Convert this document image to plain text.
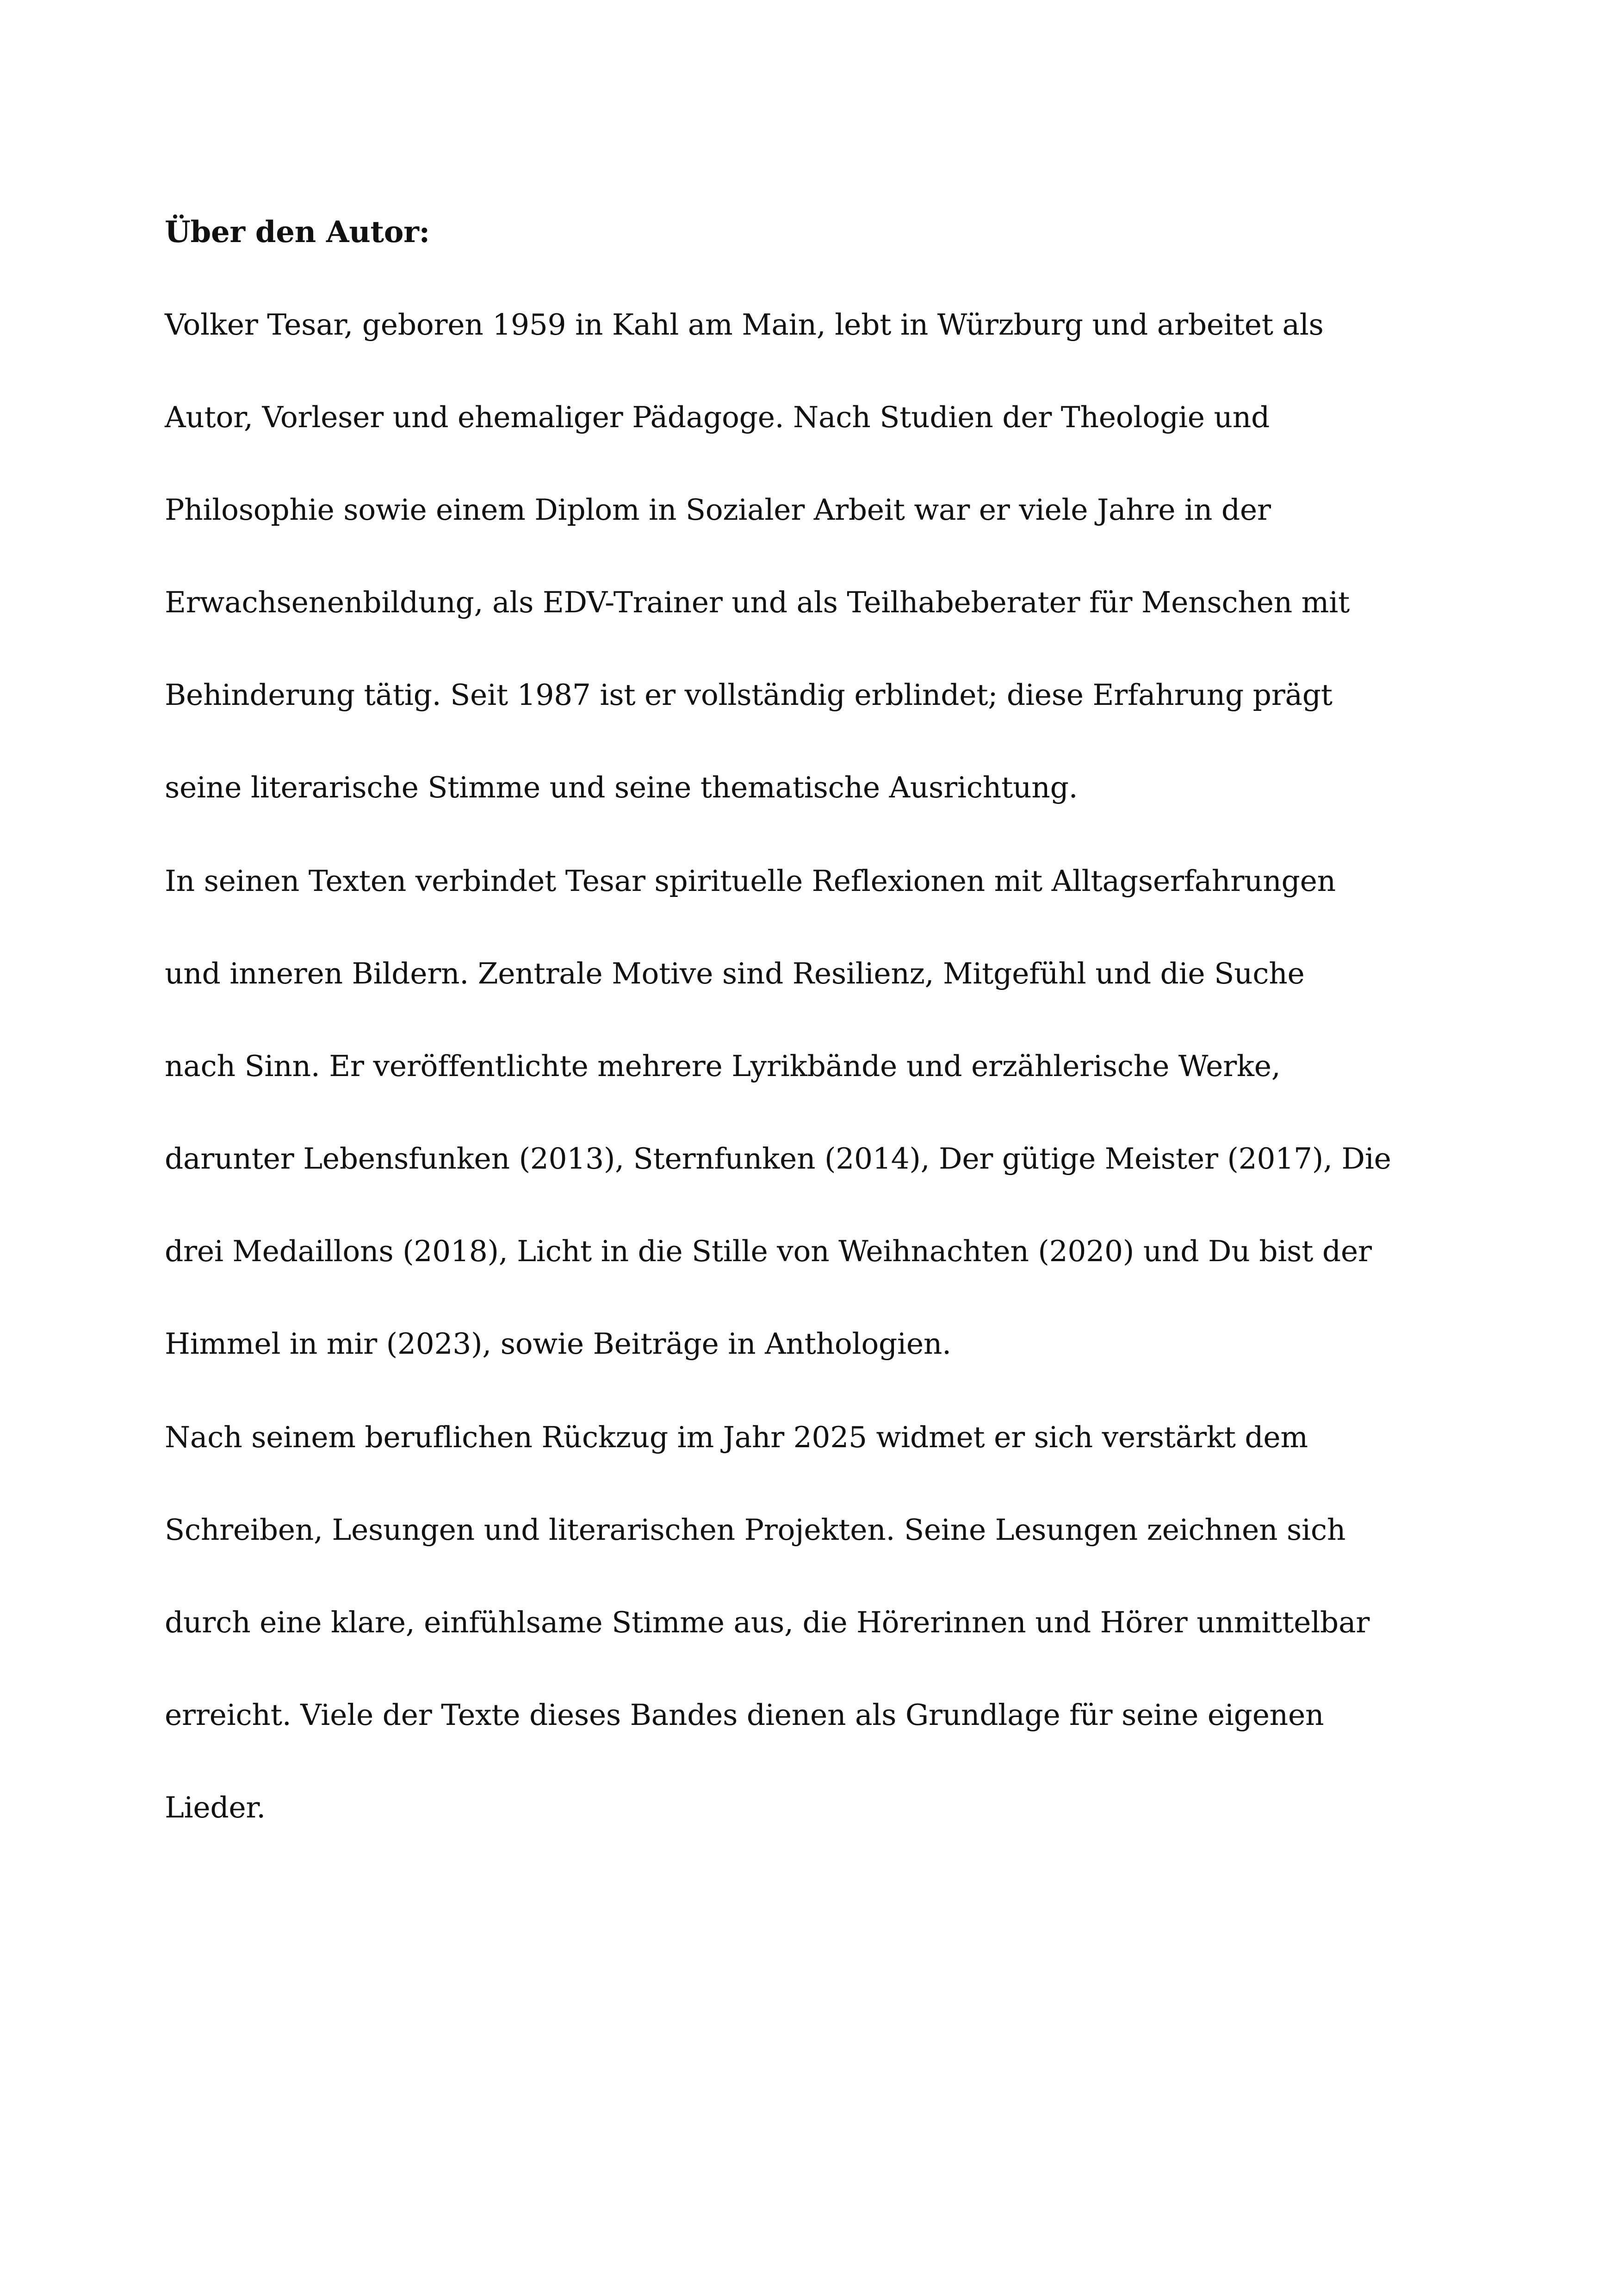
Über den Autor:

Volker Tesar, geboren 1959 in Kahl am Main, lebt in Würzburg und arbeitet als
Autor, Vorleser und ehemaliger Pädagoge. Nach Studien der Theologie und
Philosophie sowie einem Diplom in Sozialer Arbeit war er viele Jahre in der
Erwachsenenbildung, als EDV-Trainer und als Teilhabeberater für Menschen mit
Behinderung tätig. Seit 1987 ist er vollständig erblindet; diese Erfahrung prägt
seine literarische Stimme und seine thematische Ausrichtung.

In seinen Texten verbindet Tesar spirituelle Reflexionen mit Alltagserfahrungen
und inneren Bildern. Zentrale Motive sind Resilienz, Mitgefühl und die Suche
nach Sinn. Er veröffentlichte mehrere Lyrikbände und erzählerische Werke,
darunter Lebensfunken (2013), Sternfunken (2014), Der gütige Meister (2017), Die
drei Medaillons (2018), Licht in die Stille von Weihnachten (2020) und Du bist der
Himmel in mir (2023), sowie Beiträge in Anthologien.

Nach seinem beruflichen Rückzug im Jahr 2025 widmet er sich verstärkt dem
Schreiben, Lesungen und literarischen Projekten. Seine Lesungen zeichnen sich
durch eine klare, einfühlsame Stimme aus, die Hörerinnen und Hörer unmittelbar
erreicht. Viele der Texte dieses Bandes dienen als Grundlage für seine eigenen
Lieder.
